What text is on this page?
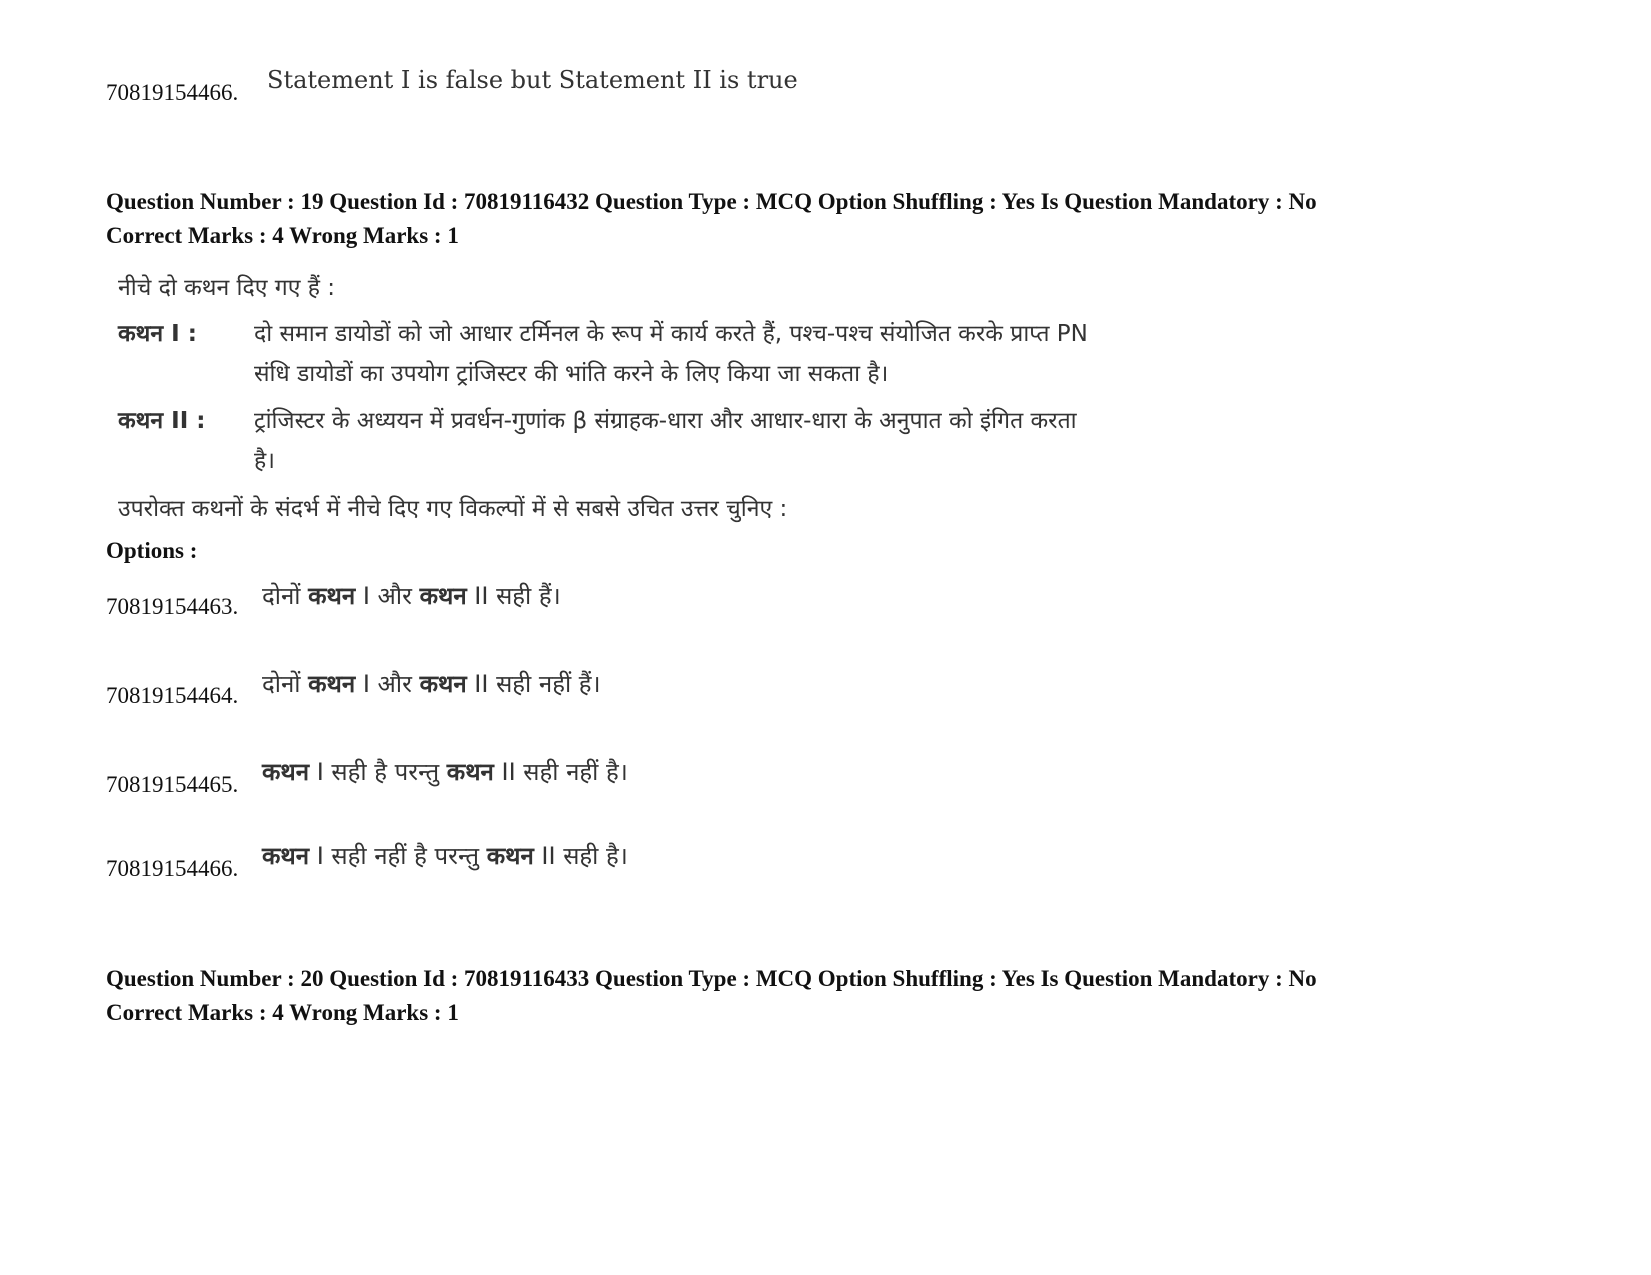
70819154466. Statement I is false but Statement II is true
Question Number : 19 Question Id : 70819116432 Question Type : MCQ Option Shuffling : Yes Is Question Mandatory : No
Correct Marks : 4 Wrong Marks : 1
नीचे दो कथन दिए गए हैं :
कथन I : दो समान डायोडों को जो आधार टर्मिनल के रूप में कार्य करते हैं, पश्च-पश्च संयोजित करके प्राप्त PN
संधि डायोडों का उपयोग ट्रांजिस्टर की भांति करने के लिए किया जा सकता है।
कथन II : ट्रांजिस्टर के अध्ययन में प्रवर्धन-गुणांक β संग्राहक-धारा और आधार-धारा के अनुपात को इंगित करता
है।
उपरोक्त कथनों के संदर्भ में नीचे दिए गए विकल्पों में से सबसे उचित उत्तर चुनिए :
Options :
70819154463. दोनों कथन I और कथन II सही हैं।
70819154464. दोनों कथन I और कथन II सही नहीं हैं।
70819154465. कथन I सही है परन्तु कथन II सही नहीं है।
70819154466. कथन I सही नहीं है परन्तु कथन II सही है।
Question Number : 20 Question Id : 70819116433 Question Type : MCQ Option Shuffling : Yes Is Question Mandatory : No
Correct Marks : 4 Wrong Marks : 1
